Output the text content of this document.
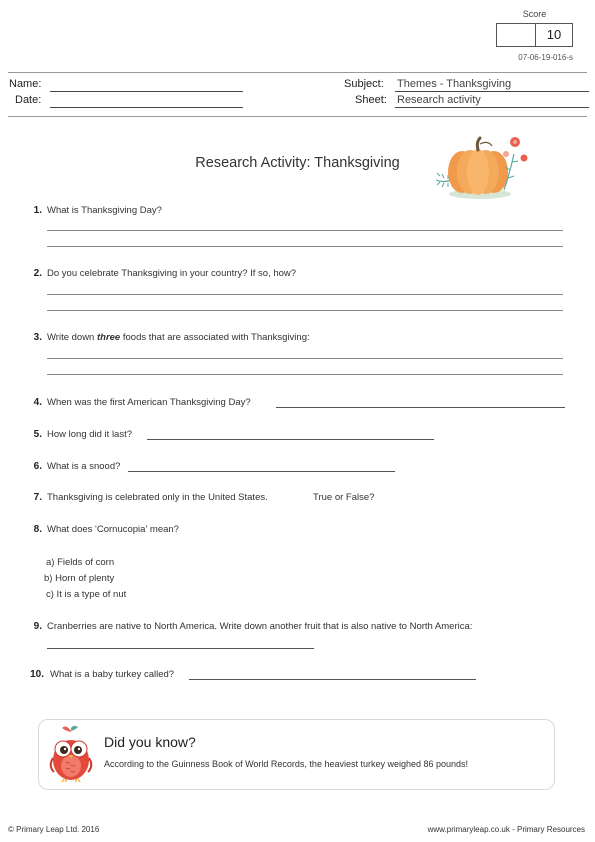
Score
10
07-06-19-016-s
Name:
Date:
Subject: Themes - Thanksgiving
Sheet: Research activity
Research Activity: Thanksgiving
1. What is Thanksgiving Day?
2. Do you celebrate Thanksgiving in your country? If so, how?
3. Write down three foods that are associated with Thanksgiving:
4. When was the first American Thanksgiving Day?
5. How long did it last?
6. What is a snood?
7. Thanksgiving is celebrated only in the United States.	True or False?
8. What does 'Cornucopia' mean?
a) Fields of corn
b) Horn of plenty
c) It is a type of nut
9. Cranberries are native to North America. Write down another fruit that is also native to North America:
10. What is a baby turkey called?
Did you know?
According to the Guinness Book of World Records, the heaviest turkey weighed 86 pounds!
© Primary Leap Ltd. 2016	www.primaryleap.co.uk - Primary Resources
